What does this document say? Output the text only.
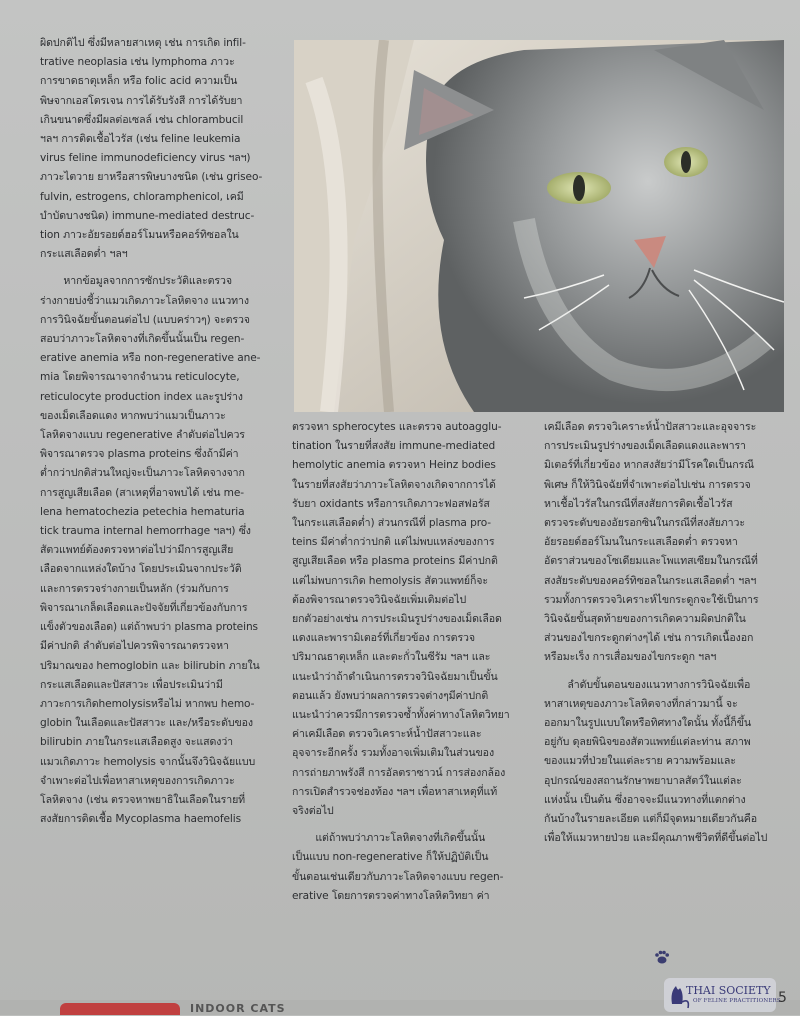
ผิดปกติไป ซึ่งมีหลายสาเหตุ เช่น การเกิด infil-

trative neoplasia เช่น lymphoma ภาวะ

การขาดธาตุเหล็ก หรือ folic acid ความเป็น

พิษจากเอสโตรเจน การได้รับรังสี การได้รับยา

เกินขนาดซึ่งมีผลต่อเซลล์ เช่น chlorambucil

ฯลฯ การติดเชื้อไวรัส (เช่น feline leukemia

virus feline immunodeficiency virus ฯลฯ)

ภาวะไตวาย ยาหรือสารพิษบางชนิด (เช่น griseo-

fulvin, estrogens, chloramphenicol, เคมี

บำบัดบางชนิด) immune-mediated destruc-

tion ภาวะอัยรอยด์ฮอร์โมนหรือคอร์ทิซอลใน

กระแสเลือดต่ำ ฯลฯ

หากข้อมูลจากการซักประวัติและตรวจ

ร่างกายบ่งชี้ว่าแมวเกิดภาวะโลหิตจาง แนวทาง

การวินิจฉัยขั้นตอนต่อไป (แบบคร่าวๆ) จะตรวจ

สอบว่าภาวะโลหิตจางที่เกิดขึ้นนั้นเป็น regen-

erative anemia หรือ non-regenerative ane-

mia โดยพิจารณาจากจำนวน reticulocyte,

reticulocyte production index และรูปร่าง

ของเม็ดเลือดแดง หากพบว่าแมวเป็นภาวะ

โลหิตจางแบบ regenerative ลำดับต่อไปควร

พิจารณาตรวจ plasma proteins ซึ่งถ้ามีค่า

ต่ำกว่าปกติส่วนใหญ่จะเป็นภาวะโลหิตจางจาก

การสูญเสียเลือด (สาเหตุที่อาจพบได้ เช่น me-

lena hematochezia petechia hematuria

tick trauma internal hemorrhage ฯลฯ) ซึ่ง

สัตวแพทย์ต้องตรวจหาต่อไปว่ามีการสูญเสีย

เลือดจากแหล่งใดบ้าง โดยประเมินจากประวัติ

และการตรวจร่างกายเป็นหลัก (ร่วมกับการ

พิจารณาเกล็ดเลือดและปัจจัยที่เกี่ยวข้องกับการ

แข็งตัวของเลือด) แต่ถ้าพบว่า plasma proteins

มีค่าปกติ ลำดับต่อไปควรพิจารณาตรวจหา

ปริมาณของ hemoglobin และ bilirubin ภายใน

กระแสเลือดและปัสสาวะ เพื่อประเมินว่ามี

ภาวะการเกิดhemolysisหรือไม่ หากพบ hemo-

globin ในเลือดและปัสสาวะ และ/หรือระดับของ

bilirubin ภายในกระแสเลือดสูง จะแสดงว่า

แมวเกิดภาวะ hemolysis จากนั้นจึงวินิจฉัยแบบ

จำเพาะต่อไปเพื่อหาสาเหตุของการเกิดภาวะ

โลหิตจาง (เช่น ตรวจหาพยาธิในเลือดในรายที่

สงสัยการติดเชื้อ Mycoplasma haemofelis

ตรวจหา spherocytes และตรวจ autoagglu-

tination ในรายที่สงสัย immune-mediated

hemolytic anemia ตรวจหา Heinz bodies

ในรายที่สงสัยว่าภาวะโลหิตจางเกิดจากการได้

รับยา oxidants หรือการเกิดภาวะฟอสฟอรัส

ในกระแสเลือดต่ำ) ส่วนกรณีที่ plasma pro-

teins มีค่าต่ำกว่าปกติ แต่ไม่พบแหล่งของการ

สูญเสียเลือด หรือ plasma proteins มีค่าปกติ

แต่ไม่พบการเกิด hemolysis สัตวแพทย์ก็จะ

ต้องพิจารณาตรวจวินิจฉัยเพิ่มเติมต่อไป

ยกตัวอย่างเช่น การประเมินรูปร่างของเม็ดเลือด

แดงและพารามิเตอร์ที่เกี่ยวข้อง การตรวจ

ปริมาณธาตุเหล็ก และตะกั่วในซีรัม ฯลฯ และ

แนะนำว่าถ้าดำเนินการตรวจวินิจฉัยมาเป็นขั้น

ตอนแล้ว ยังพบว่าผลการตรวจต่างๆมีค่าปกติ

แนะนำว่าควรมีการตรวจซ้ำทั้งค่าทางโลหิตวิทยา

ค่าเคมีเลือด ตรวจวิเคราะห์น้ำปัสสาวะและ

อุจจาระอีกครั้ง รวมทั้งอาจเพิ่มเติมในส่วนของ

การถ่ายภาพรังสี การอัลตราซาวน์ การส่องกล้อง

การเปิดสำรวจช่องท้อง ฯลฯ เพื่อหาสาเหตุที่แท้

จริงต่อไป

แต่ถ้าพบว่าภาวะโลหิตจางที่เกิดขึ้นนั้น

เป็นแบบ non-regenerative ก็ให้ปฏิบัติเป็น

ขั้นตอนเช่นเดียวกับภาวะโลหิตจางแบบ regen-

erative โดยการตรวจค่าทางโลหิตวิทยา ค่า

เคมีเลือด ตรวจวิเคราะห์น้ำปัสสาวะและอุจจาระ

การประเมินรูปร่างของเม็ดเลือดแดงและพารา

มิเตอร์ที่เกี่ยวข้อง หากสงสัยว่ามีโรคใดเป็นกรณี

พิเศษ ก็ให้วินิจฉัยที่จำเพาะต่อไปเช่น การตรวจ

หาเชื้อไวรัสในกรณีที่สงสัยการติดเชื้อไวรัส

ตรวจระดับของอัยรอกซินในกรณีที่สงสัยภาวะ

อัยรอยด์ฮอร์โมนในกระแสเลือดต่ำ ตรวจหา

อัตราส่วนของโซเดียมและโพแทสเซียมในกรณีที่

สงสัยระดับของคอร์ทิซอลในกระแสเลือดต่ำ ฯลฯ

รวมทั้งการตรวจวิเคราะห์ไขกระดูกจะใช้เป็นการ

วินิจฉัยขั้นสุดท้ายของการเกิดความผิดปกติใน

ส่วนของไขกระดูกต่างๆได้ เช่น การเกิดเนื้องอก

หรือมะเร็ง การเสื่อมของไขกระดูก ฯลฯ

ลำดับขั้นตอนของแนวทางการวินิจฉัยเพื่อ

หาสาเหตุของภาวะโลหิตจางที่กล่าวมานี้ จะ

ออกมาในรูปแบบใดหรือทิศทางใดนั้น ทั้งนี้ก็ขึ้น

อยู่กับ ดุลยพินิจของสัตวแพทย์แต่ละท่าน สภาพ

ของแมวที่ป่วยในแต่ละราย ความพร้อมและ

อุปกรณ์ของสถานรักษาพยาบาลสัตว์ในแต่ละ

แห่งนั้น เป็นต้น ซึ่งอาจจะมีแนวทางที่แตกต่าง

กันบ้างในรายละเอียด แต่ก็มีจุดหมายเดียวกันคือ

เพื่อให้แมวหายป่วย และมีคุณภาพชีวิตที่ดีขึ้นต่อไป

INDOOR CATS
THAI SOCIETY
OF FELINE PRACTITIONERS
5
